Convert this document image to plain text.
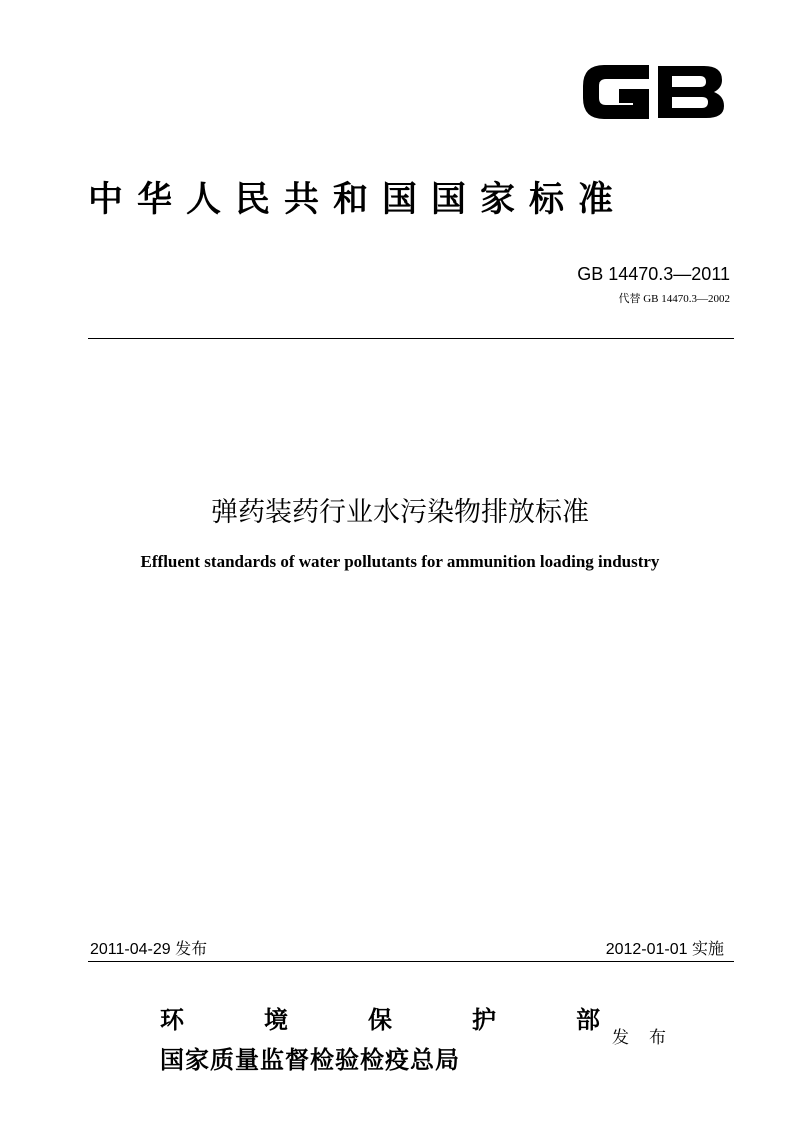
中华人民共和国国家标准
GB 14470.3—2011
代替 GB 14470.3—2002
弹药装药行业水污染物排放标准
Effluent standards of water pollutants for ammunition loading industry
2011-04-29 发布	2012-01-01 实施
环	境	保	护	部
国家质量监督检验检疫总局
发布
